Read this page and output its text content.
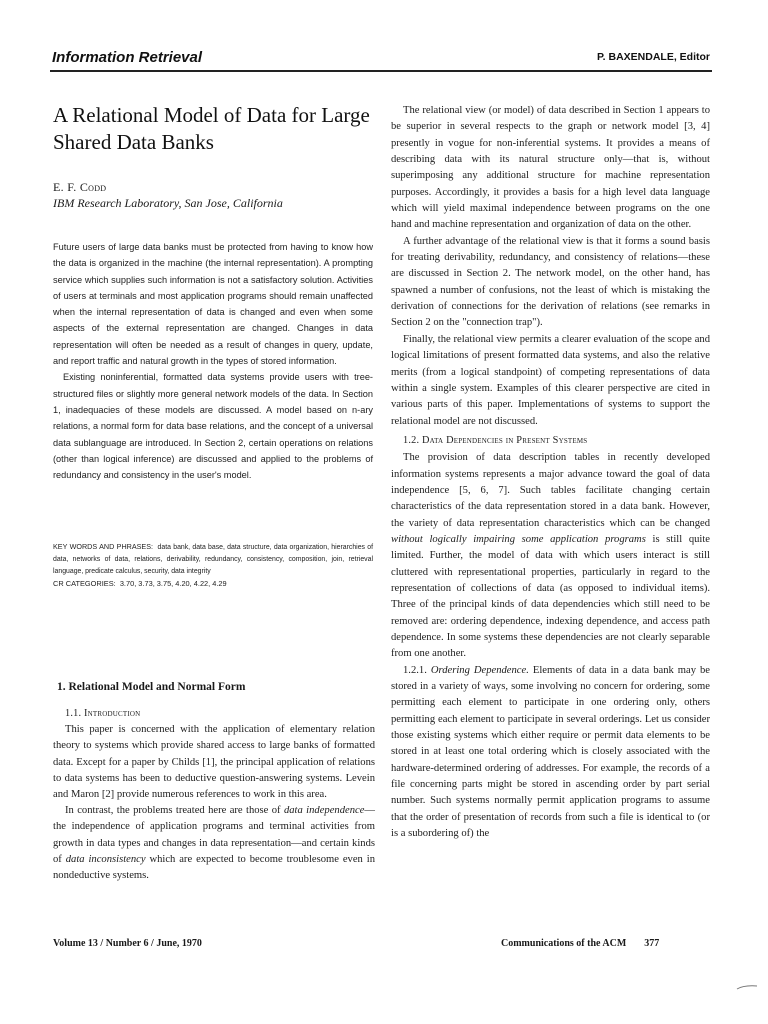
Information Retrieval	P. BAXENDALE, Editor
A Relational Model of Data for Large Shared Data Banks
E. F. Codd
IBM Research Laboratory, San Jose, California

Future users of large data banks must be protected from having to know how the data is organized in the machine (the internal representation). A prompting service which supplies such information is not a satisfactory solution. Activities of users at terminals and most application programs should remain unaffected when the internal representation of data is changed and even when some aspects of the external representation are changed. Changes in data representation will often be needed as a result of changes in query, update, and report traffic and natural growth in the types of stored information.

Existing noninferential, formatted data systems provide users with tree-structured files or slightly more general network models of the data. In Section 1, inadequacies of these models are discussed. A model based on n-ary relations, a normal form for data base relations, and the concept of a universal data sublanguage are introduced. In Section 2, certain operations on relations (other than logical inference) are discussed and applied to the problems of redundancy and consistency in the user's model.

KEY WORDS AND PHRASES: data bank, data base, data structure, data organization, hierarchies of data, networks of data, relations, derivability, redundancy, consistency, composition, join, retrieval language, predicate calculus, security, data integrity

CR CATEGORIES: 3.70, 3.73, 3.75, 4.20, 4.22, 4.29

1. Relational Model and Normal Form

1.1. Introduction

This paper is concerned with the application of elementary relation theory to systems which provide shared access to large banks of formatted data. Except for a paper by Childs [1], the principal application of relations to data systems has been to deductive question-answering systems. Levein and Maron [2] provide numerous references to work in this area.

In contrast, the problems treated here are those of data independence—the independence of application programs and terminal activities from growth in data types and changes in data representation—and certain kinds of data inconsistency which are expected to become troublesome even in nondeductive systems.

The relational view (or model) of data described in Section 1 appears to be superior in several respects to the graph or network model [3, 4] presently in vogue for non-inferential systems. It provides a means of describing data with its natural structure only—that is, without superimposing any additional structure for machine representation purposes. Accordingly, it provides a basis for a high level data language which will yield maximal independence between programs on the one hand and machine representation and organization of data on the other.

A further advantage of the relational view is that it forms a sound basis for treating derivability, redundancy, and consistency of relations—these are discussed in Section 2. The network model, on the other hand, has spawned a number of confusions, not the least of which is mistaking the derivation of connections for the derivation of relations (see remarks in Section 2 on the "connection trap").

Finally, the relational view permits a clearer evaluation of the scope and logical limitations of present formatted data systems, and also the relative merits (from a logical standpoint) of competing representations of data within a single system. Examples of this clearer perspective are cited in various parts of this paper. Implementations of systems to support the relational model are not discussed.

1.2. Data Dependencies in Present Systems

The provision of data description tables in recently developed information systems represents a major advance toward the goal of data independence [5, 6, 7]. Such tables facilitate changing certain characteristics of the data representation stored in a data bank. However, the variety of data representation characteristics which can be changed without logically impairing some application programs is still quite limited. Further, the model of data with which users interact is still cluttered with representational properties, particularly in regard to the representation of collections of data (as opposed to individual items). Three of the principal kinds of data dependencies which still need to be removed are: ordering dependence, indexing dependence, and access path dependence. In some systems these dependencies are not clearly separable from one another.

1.2.1. Ordering Dependence. Elements of data in a data bank may be stored in a variety of ways, some involving no concern for ordering, some permitting each element to participate in one ordering only, others permitting each element to participate in several orderings. Let us consider those existing systems which either require or permit data elements to be stored in at least one total ordering which is closely associated with the hardware-determined ordering of addresses. For example, the records of a file concerning parts might be stored in ascending order by part serial number. Such systems normally permit application programs to assume that the order of presentation of records from such a file is identical to (or is a subordering of) the

Volume 13 / Number 6 / June, 1970	Communications of the ACM 377
